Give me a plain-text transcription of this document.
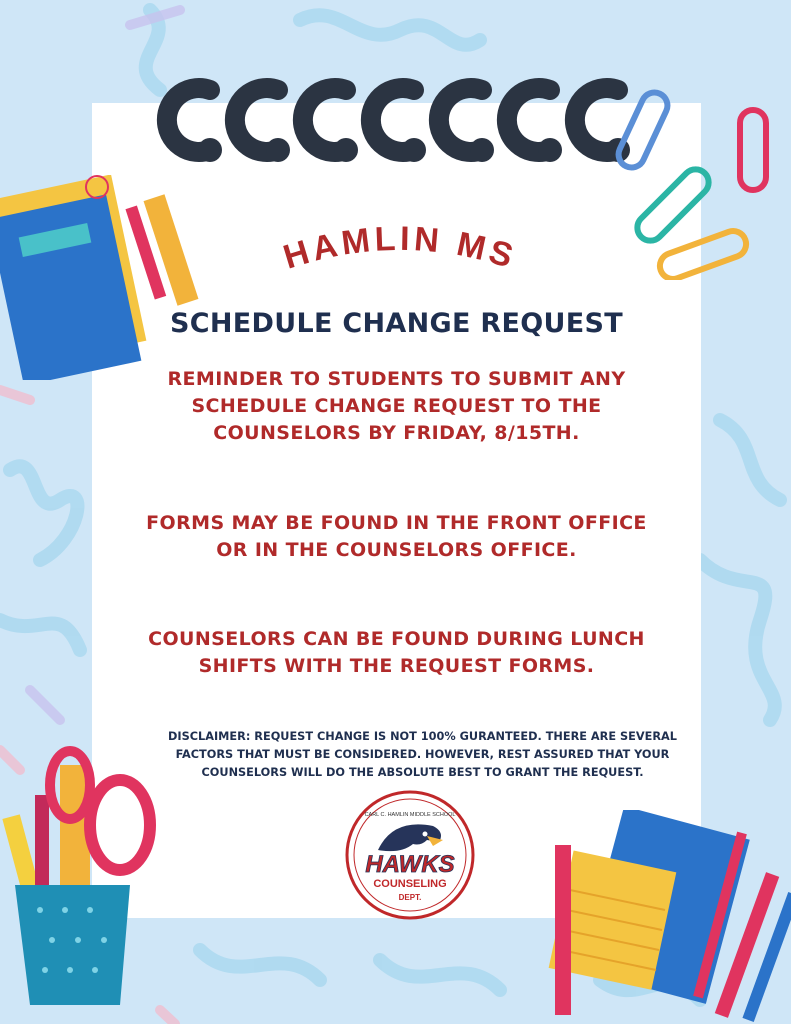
HAMLIN MS
SCHEDULE CHANGE REQUEST
REMINDER TO STUDENTS TO SUBMIT ANY SCHEDULE CHANGE REQUEST TO THE COUNSELORS BY FRIDAY, 8/15TH.
FORMS MAY BE FOUND IN THE FRONT OFFICE OR IN THE COUNSELORS OFFICE.
COUNSELORS CAN BE FOUND DURING LUNCH SHIFTS WITH THE REQUEST FORMS.
DISCLAIMER: REQUEST CHANGE IS NOT 100% GURANTEED. THERE ARE SEVERAL FACTORS THAT MUST BE CONSIDERED. HOWEVER, REST ASSURED THAT YOUR COUNSELORS WILL DO THE ABSOLUTE BEST TO GRANT THE REQUEST.
CARL C. HAMLIN MIDDLE SCHOOL
HAWKS
COUNSELING
DEPT.
